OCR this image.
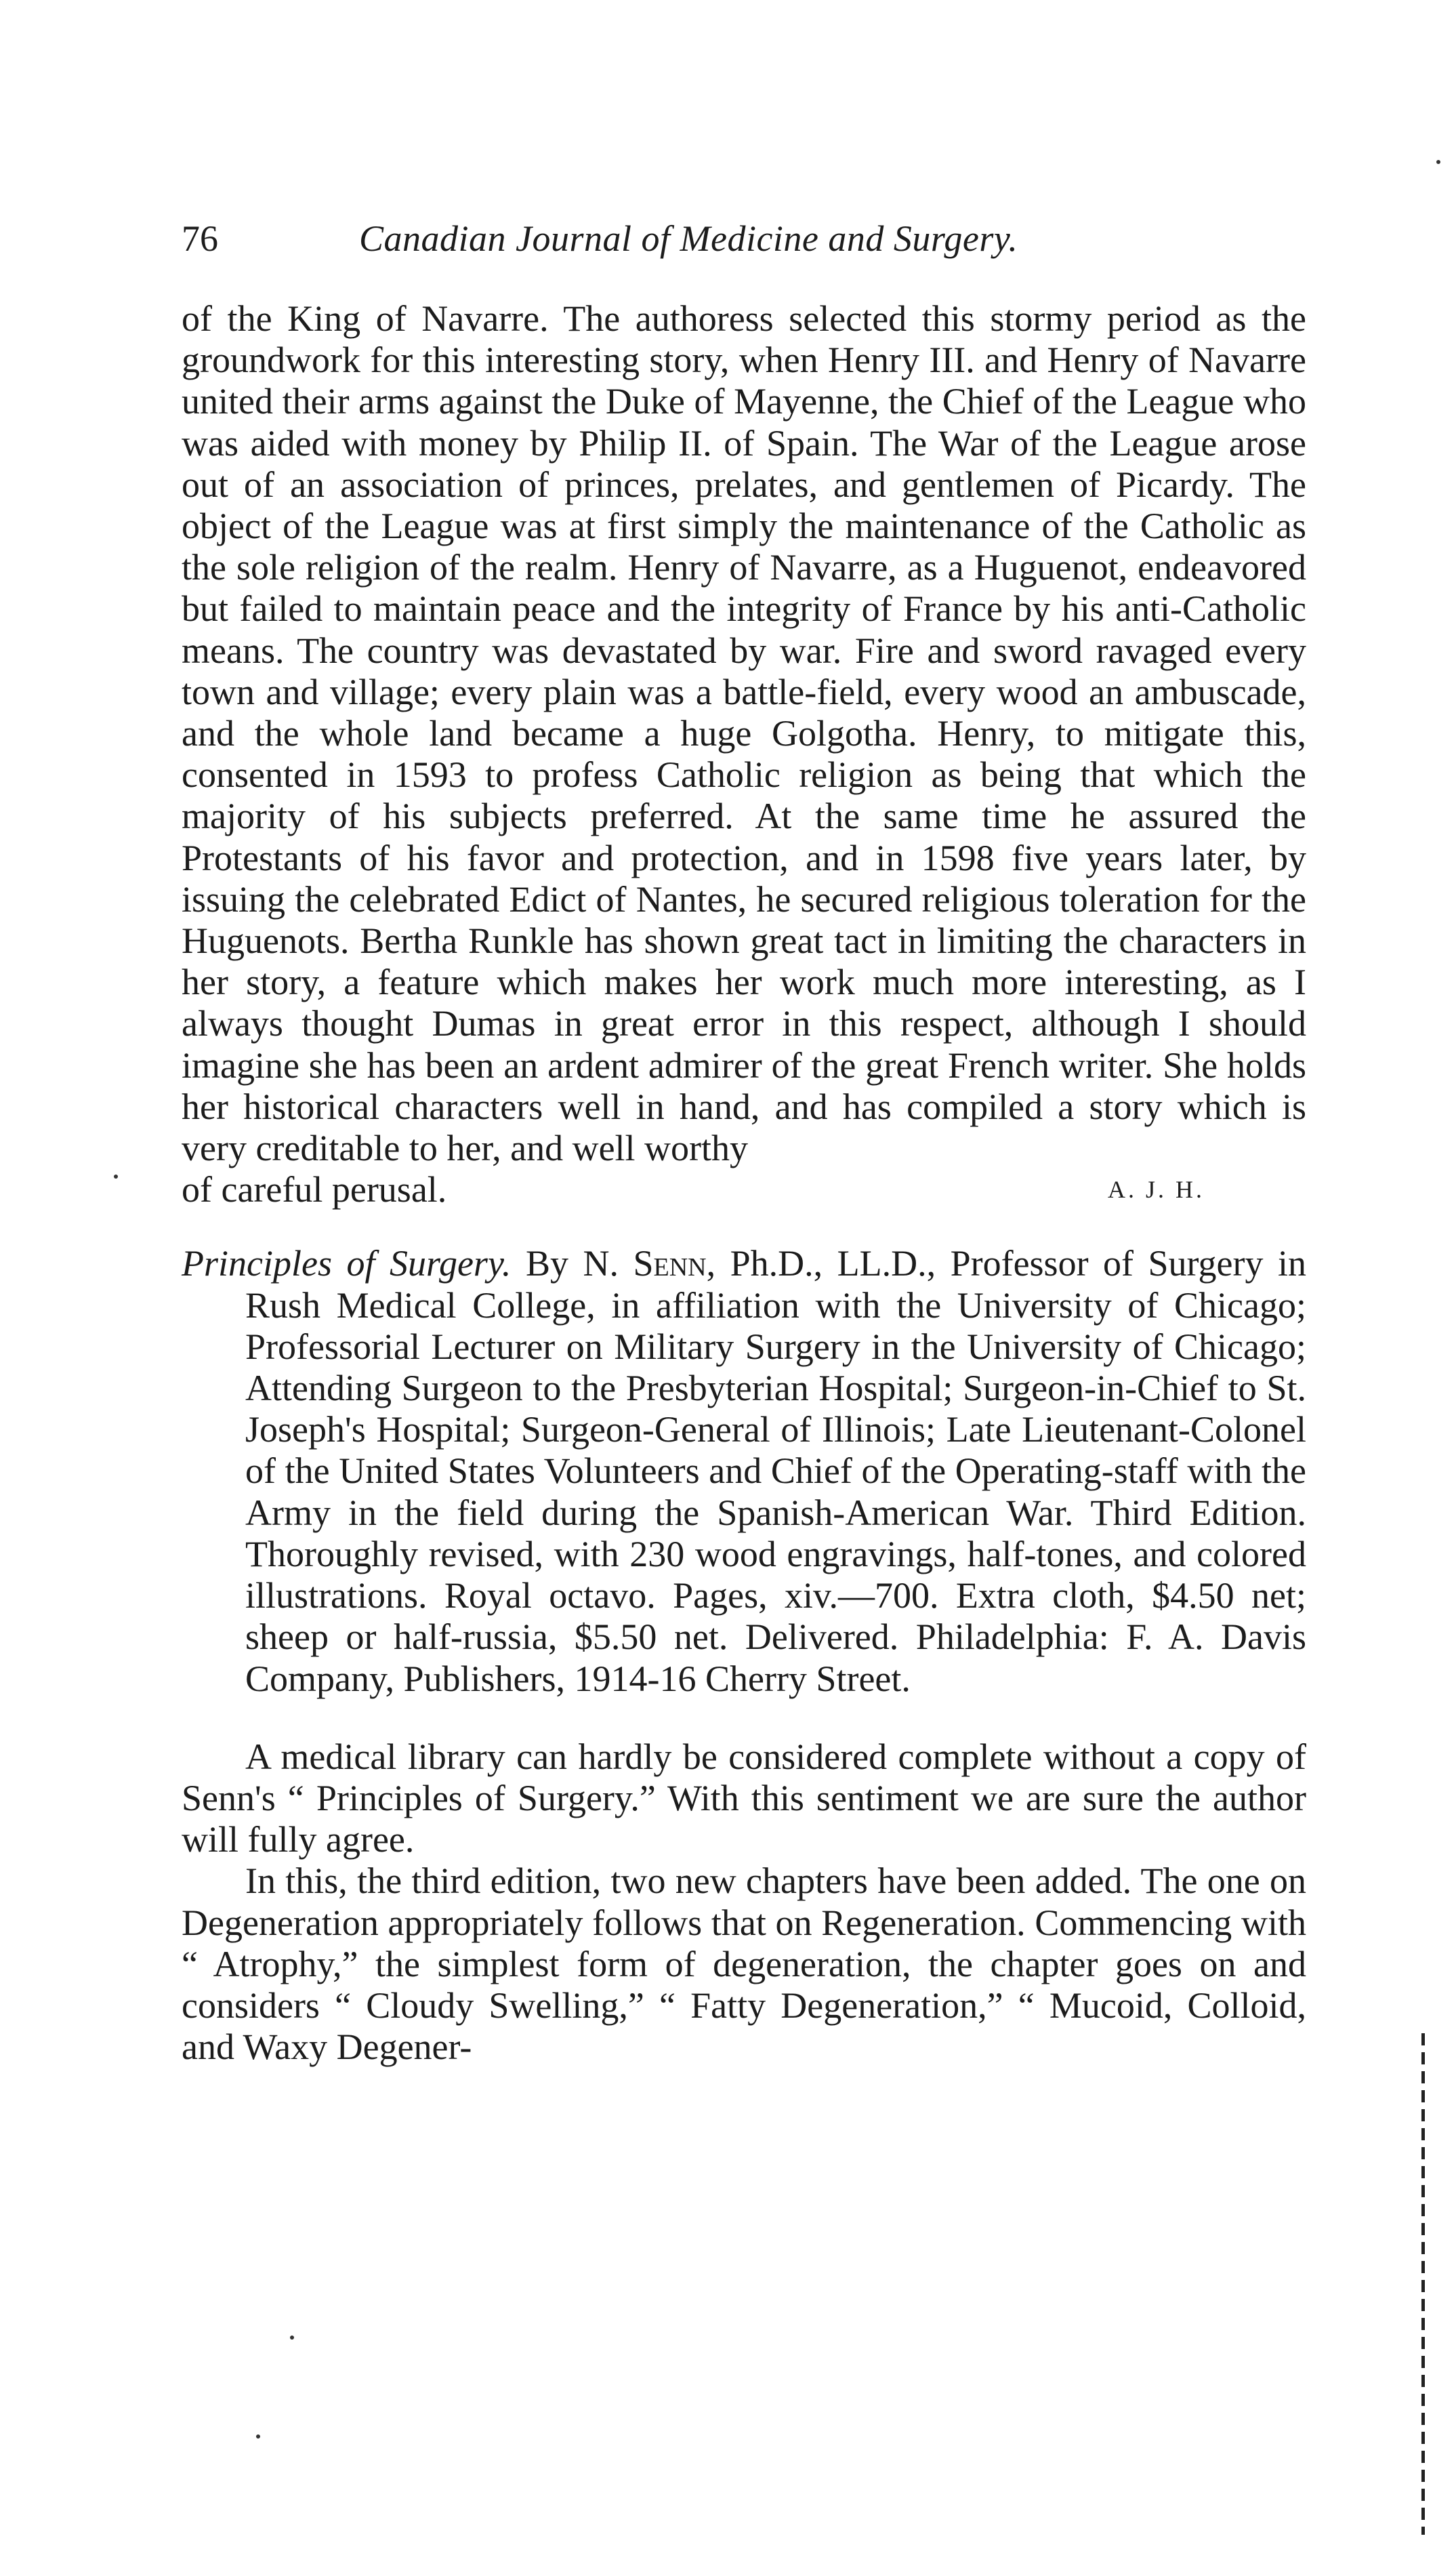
76	Canadian Journal of Medicine and Surgery.

of the King of Navarre. The authoress selected this stormy period as the groundwork for this interesting story, when Henry III. and Henry of Navarre united their arms against the Duke of Mayenne, the Chief of the League who was aided with money by Philip II. of Spain. The War of the League arose out of an association of princes, prelates, and gentlemen of Picardy. The object of the League was at first simply the maintenance of the Catholic as the sole religion of the realm. Henry of Navarre, as a Huguenot, endeavored but failed to maintain peace and the integrity of France by his anti-Catholic means. The country was devastated by war. Fire and sword ravaged every town and village; every plain was a battle-field, every wood an ambuscade, and the whole land became a huge Golgotha. Henry, to mitigate this, consented in 1593 to profess Catholic religion as being that which the majority of his subjects preferred. At the same time he assured the Protestants of his favor and protection, and in 1598 five years later, by issuing the celebrated Edict of Nantes, he secured religious toleration for the Huguenots. Bertha Runkle has shown great tact in limiting the characters in her story, a feature which makes her work much more interesting, as I always thought Dumas in great error in this respect, although I should imagine she has been an ardent admirer of the great French writer. She holds her historical characters well in hand, and has compiled a story which is very creditable to her, and well worthy

of careful perusal.	A. J. H.

Principles of Surgery. By N. Senn, Ph.D., LL.D., Professor of Surgery in Rush Medical College, in affiliation with the University of Chicago; Professorial Lecturer on Military Surgery in the University of Chicago; Attending Surgeon to the Presbyterian Hospital; Surgeon-in-Chief to St. Joseph's Hospital; Surgeon-General of Illinois; Late Lieutenant-Colonel of the United States Volunteers and Chief of the Operating-staff with the Army in the field during the Spanish-American War. Third Edition. Thoroughly revised, with 230 wood engravings, half-tones, and colored illustrations. Royal octavo. Pages, xiv.—700. Extra cloth, $4.50 net; sheep or half-russia, $5.50 net. Delivered. Philadelphia: F. A. Davis Company, Publishers, 1914-16 Cherry Street.

A medical library can hardly be considered complete without a copy of Senn's “ Principles of Surgery.” With this sentiment we are sure the author will fully agree.

In this, the third edition, two new chapters have been added. The one on Degeneration appropriately follows that on Regeneration. Commencing with “ Atrophy,” the simplest form of degeneration, the chapter goes on and considers “ Cloudy Swelling,” “ Fatty Degeneration,” “ Mucoid, Colloid, and Waxy Degener-
